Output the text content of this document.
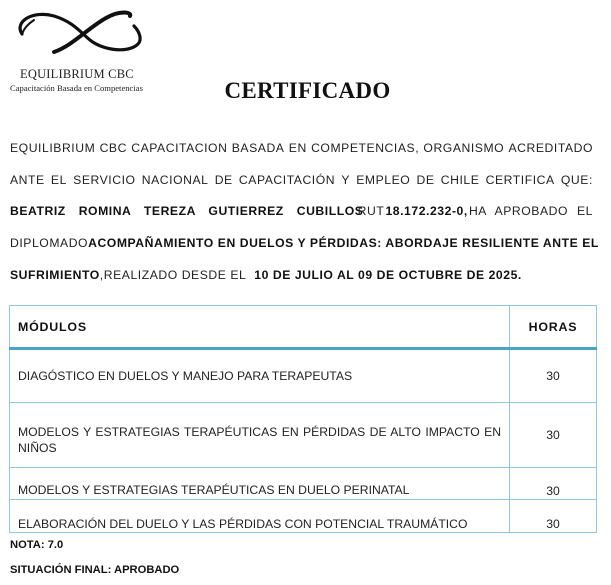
EQUILIBRIUM CBC
Capacitación Basada en Competencias	CERTIFICADO
EQUILIBRIUM CBC CAPACITACION BASADA EN COMPETENCIAS, ORGANISMO ACREDITADO
ANTE EL SERVICIO NACIONAL DE CAPACITACIÓN Y EMPLEO DE CHILE CERTIFICA QUE:
BEATRIZ ROMINA TEREZA GUTIERREZ CUBILLOS
RUT 18.172.232-0, HA APROBADO EL
DIPLOMADO ACOMPAÑAMIENTO EN DUELOS Y PÉRDIDAS: ABORDAJE RESILIENTE ANTE EL
SUFRIMIENTO , REALIZADO DESDE EL
10 DE JULIO AL 09 DE OCTUBRE DE 2025.
MÓDULOS	HORAS
DIAGÓSTICO EN DUELOS Y MANEJO PARA TERAPEUTAS	30
MODELOS Y ESTRATEGIAS TERAPÉUTICAS EN PÉRDIDAS DE ALTO IMPACTO EN NIÑOS	30
MODELOS Y ESTRATEGIAS TERAPÉUTICAS EN DUELO PERINATAL	30
ELABORACIÓN DEL DUELO Y LAS PÉRDIDAS CON POTENCIAL TRAUMÁTICO	30
NOTA: 7.0
SITUACIÓN FINAL: APROBADO
